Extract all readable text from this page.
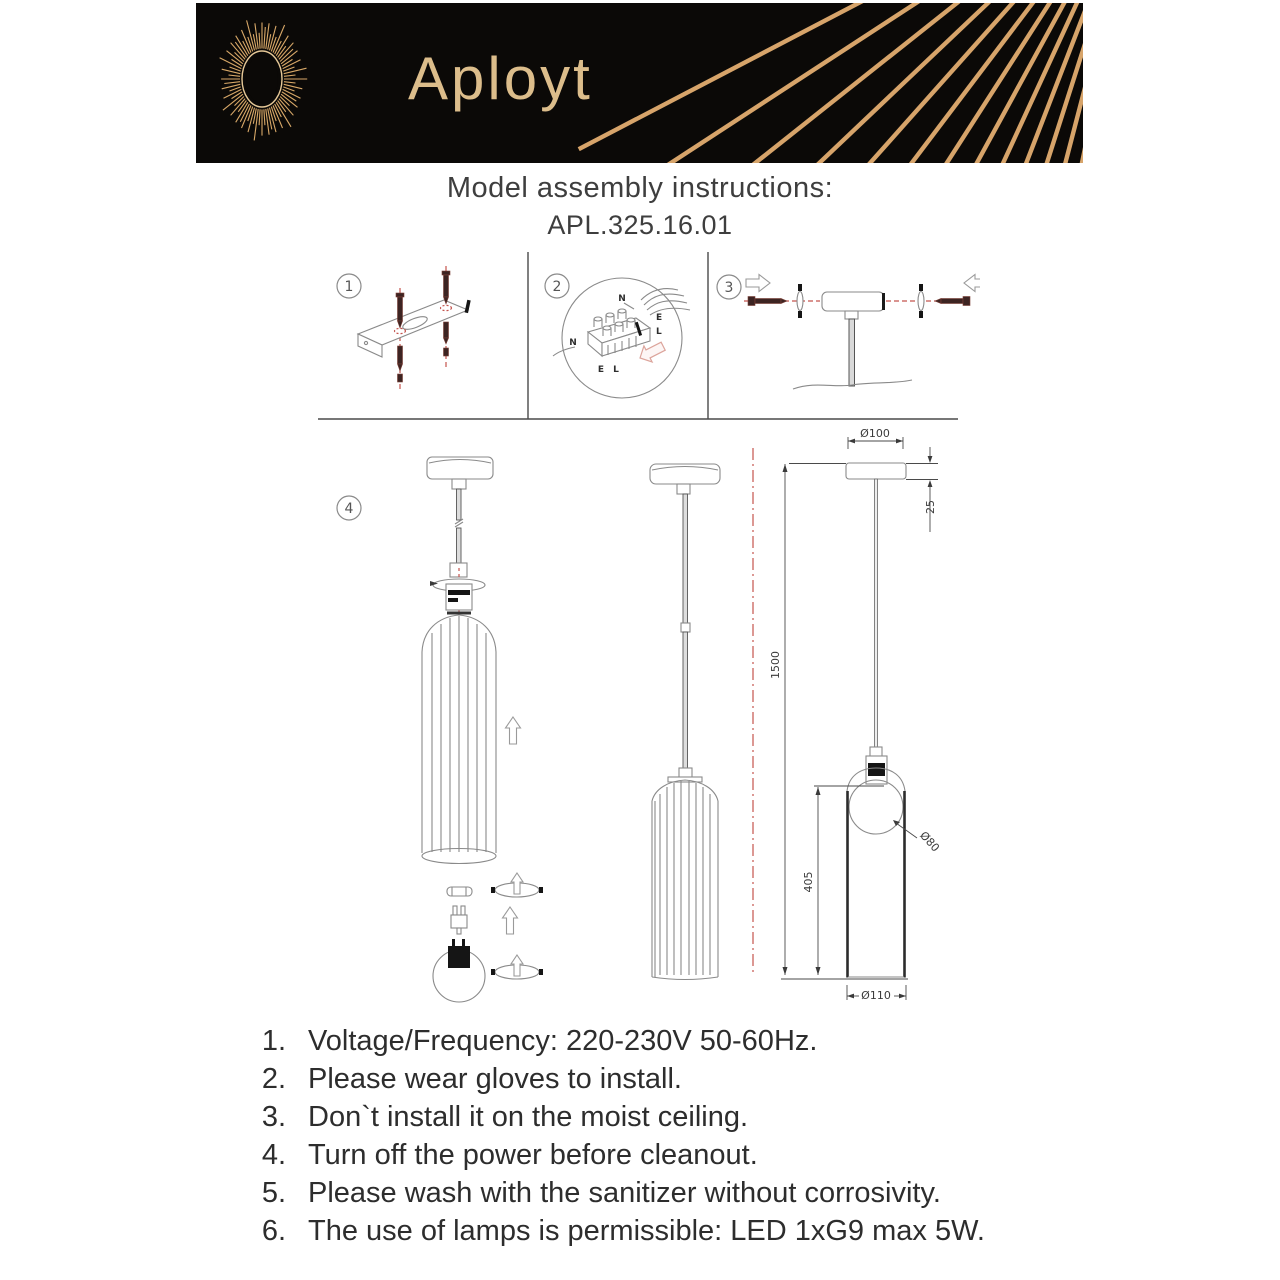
Aployt
Model assembly instructions:
APL.325.16.01
1	2
N
E
L
N
E L
3
4
Ø100
25
1500
405
Ø80
Ø110
1. Voltage/Frequency: 220-230V 50-60Hz.
2. Please wear gloves to install.
3. Don`t install it on the moist ceiling.
4. Turn off the power before cleanout.
5. Please wash with the sanitizer without corrosivity.
6. The use of lamps is permissible: LED 1xG9 max 5W.
